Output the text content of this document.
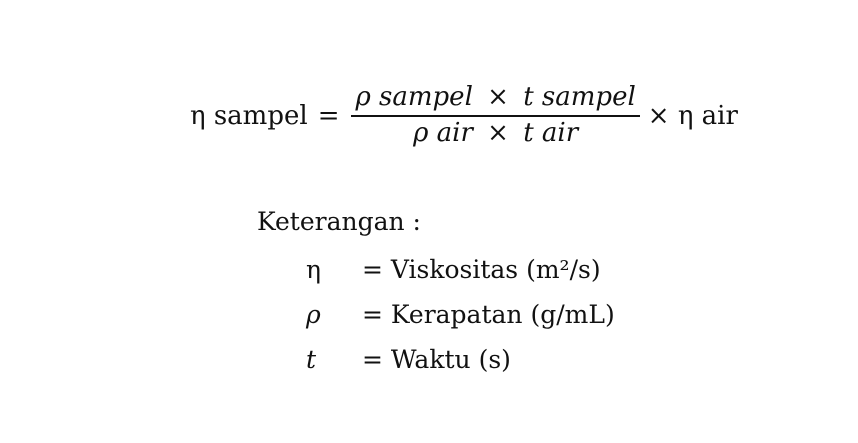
η sampel = $\frac{\text{ρ sampel × t sampel}}{\text{ρ air × t air}} \times \eta$ air
Keterangan :
η	= Viskositas (m²/s)
ρ	= Kerapatan (g/mL)
t	= Waktu (s)
